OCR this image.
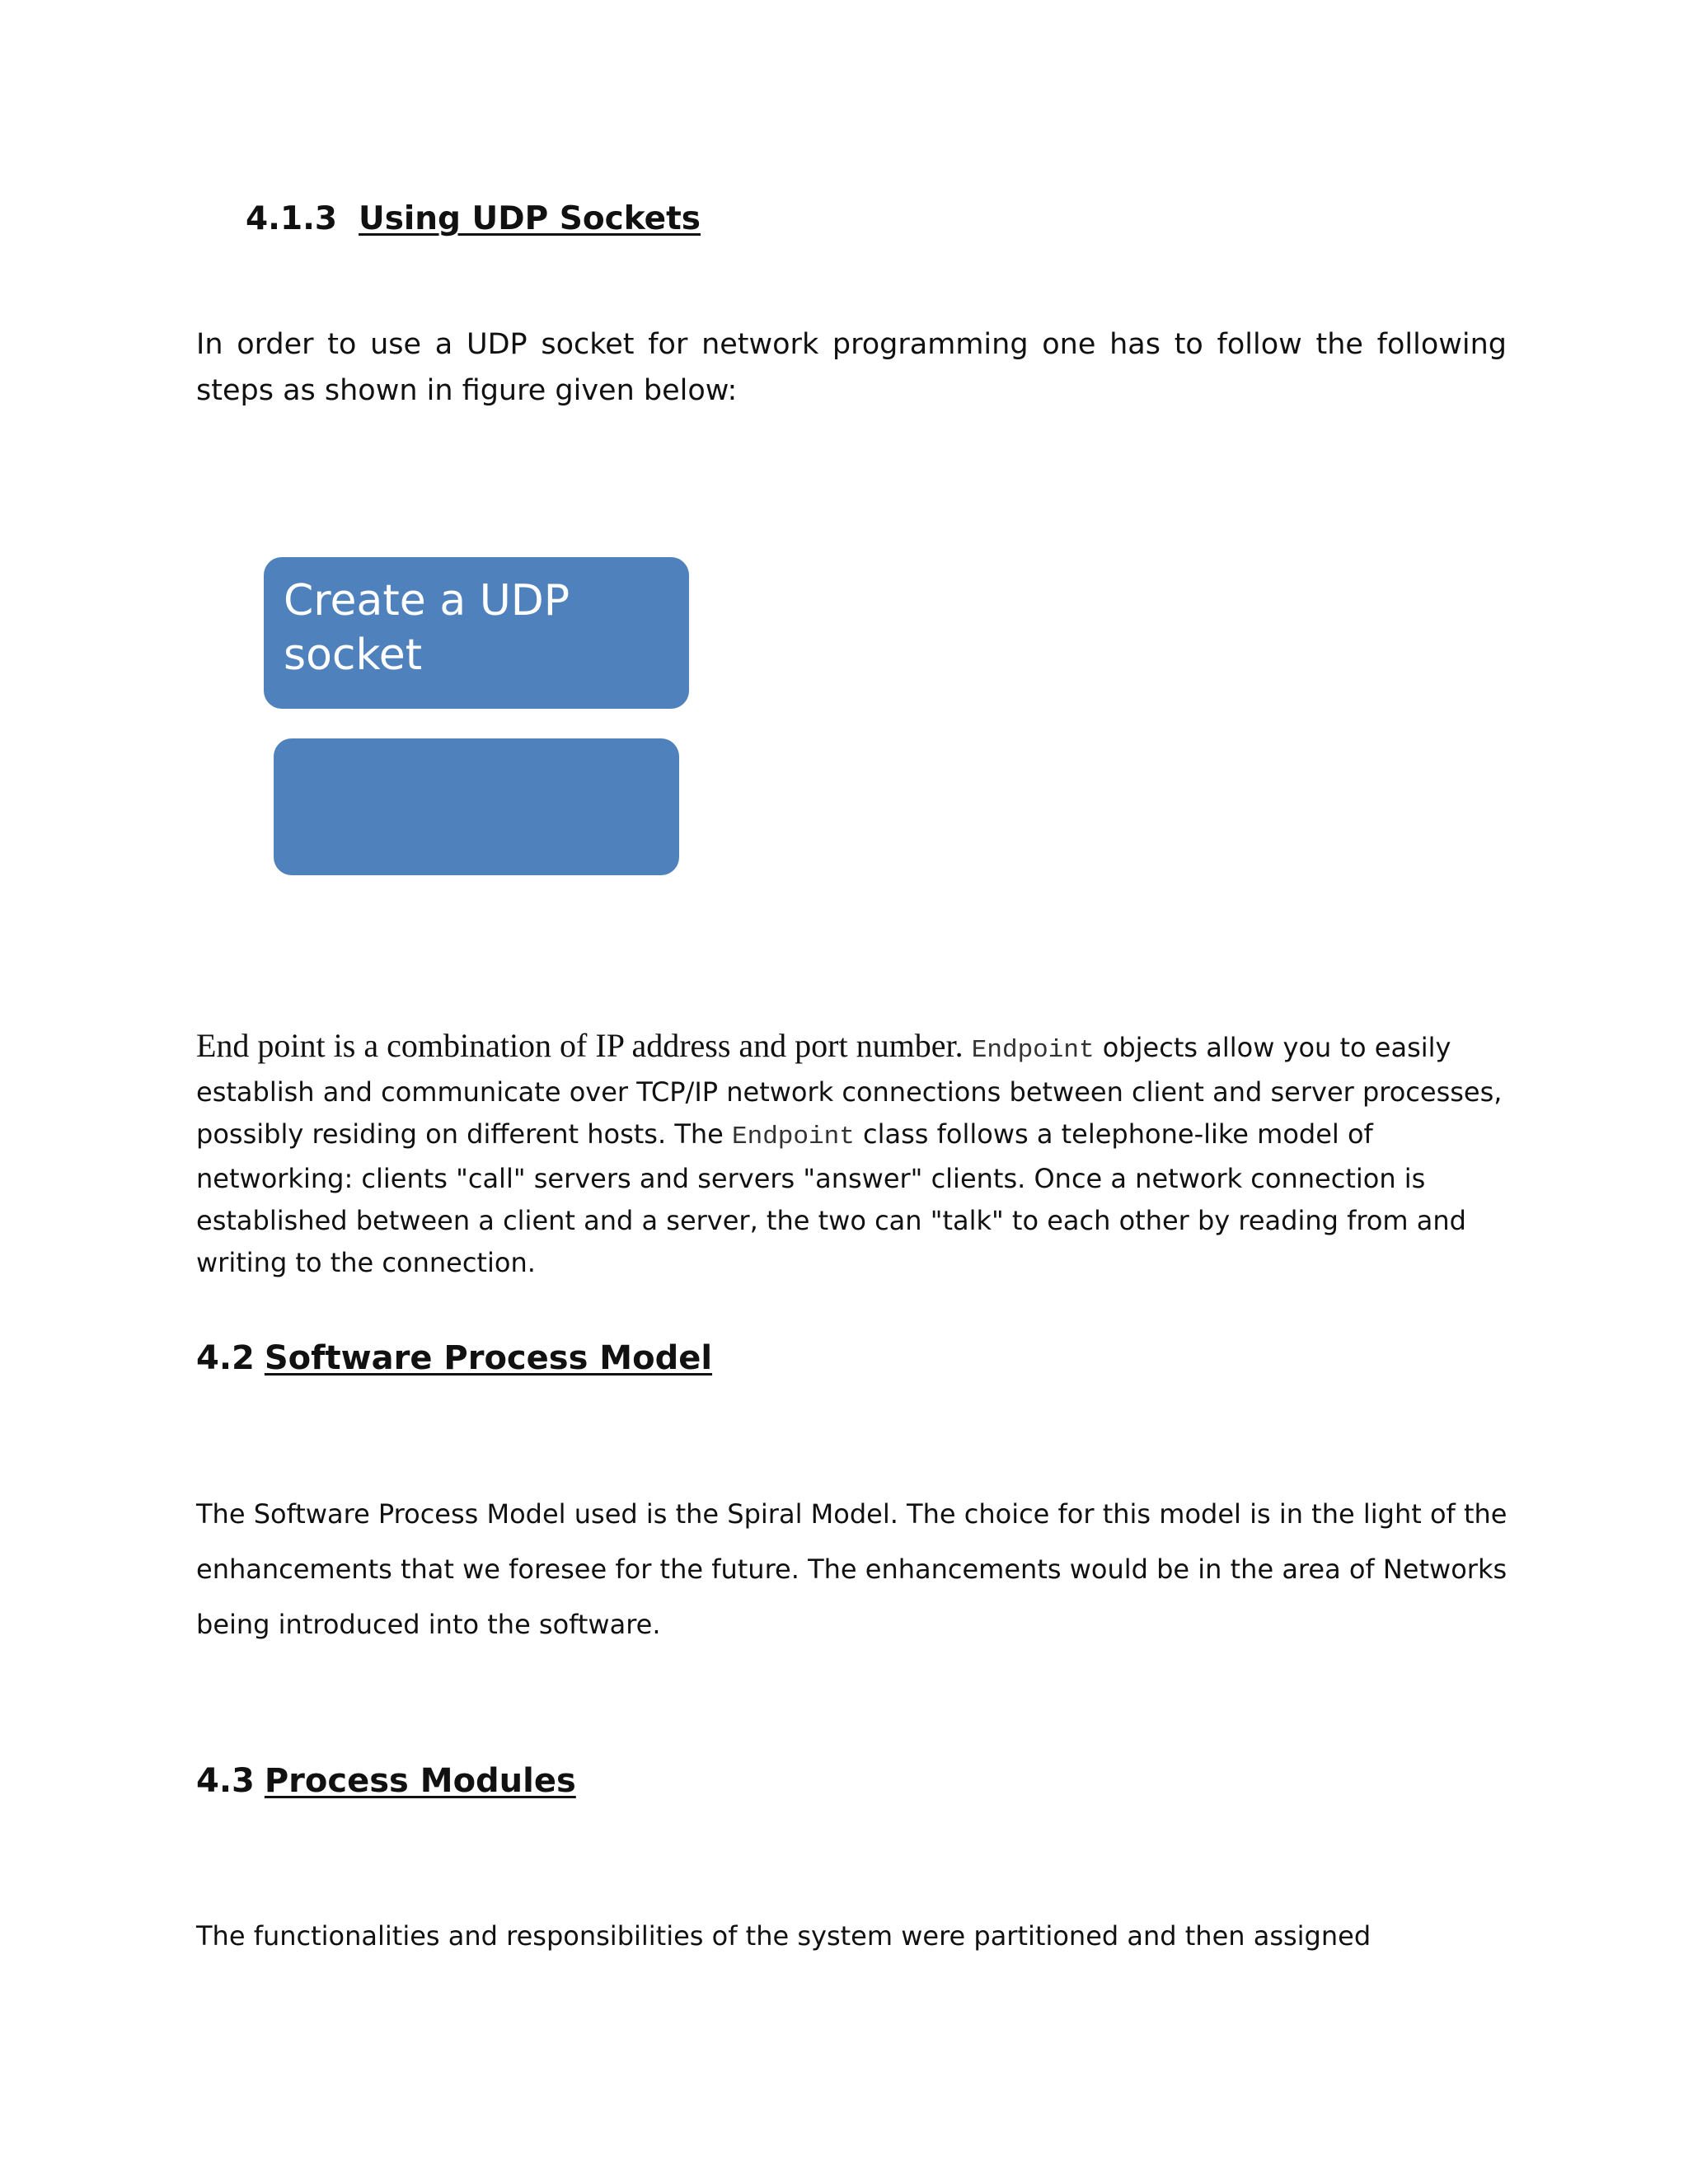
4.1.3 Using UDP Sockets
In order to use a UDP socket for network programming one has to follow the following steps as shown in figure given below:
Create a UDP socket
End point is a combination of IP address and port number. Endpoint objects allow you to easily establish and communicate over TCP/IP network connections between client and server processes, possibly residing on different hosts. The Endpoint class follows a telephone-like model of networking: clients "call" servers and servers "answer" clients. Once a network connection is established between a client and a server, the two can "talk" to each other by reading from and writing to the connection.
4.2 Software Process Model
The Software Process Model used is the Spiral Model. The choice for this model is in the light of the enhancements that we foresee for the future. The enhancements would be in the area of Networks being introduced into the software.
4.3 Process Modules
The functionalities and responsibilities of the system were partitioned and then assigned
